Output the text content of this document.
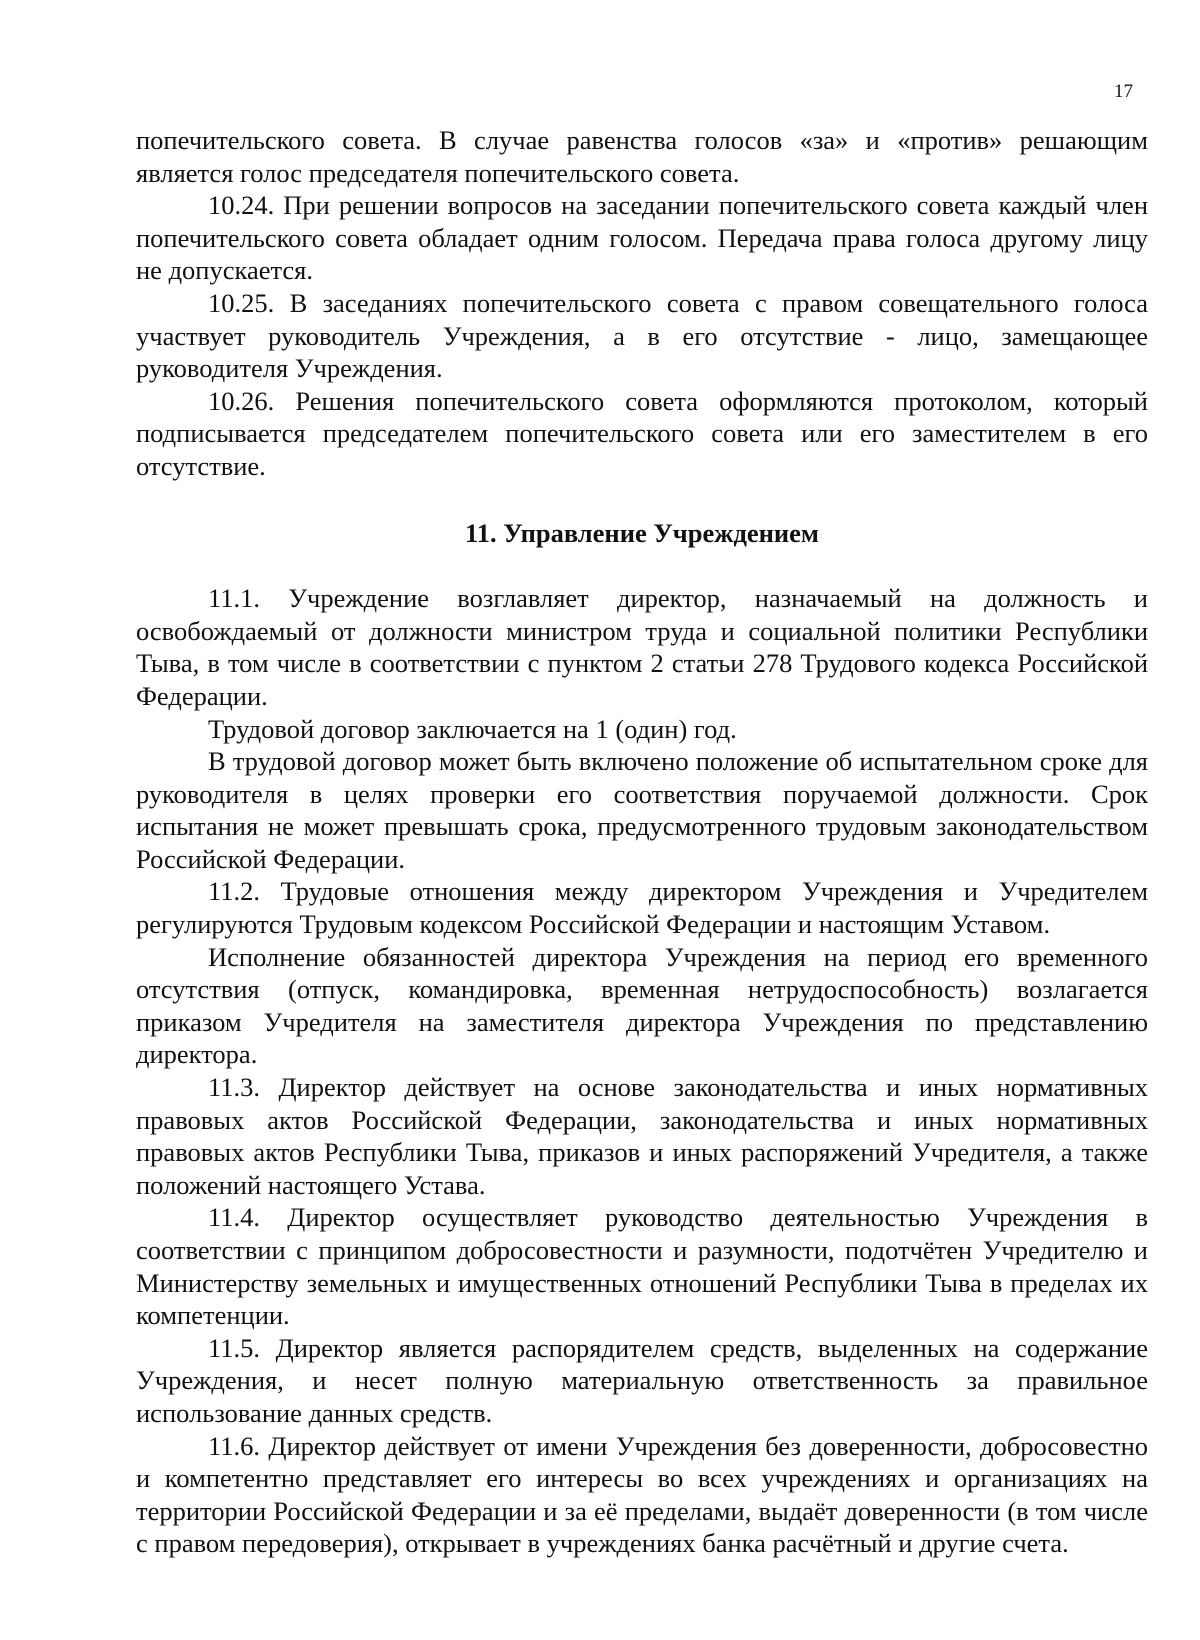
17

попечительского совета. В случае равенства голосов «за» и «против» решающим является голос председателя попечительского совета.

10.24. При решении вопросов на заседании попечительского совета каждый член попечительского совета обладает одним голосом. Передача права голоса другому лицу не допускается.

10.25. В заседаниях попечительского совета с правом совещательного голоса участвует руководитель Учреждения, а в его отсутствие - лицо, замещающее руководителя Учреждения.

10.26. Решения попечительского совета оформляются протоколом, который подписывается председателем попечительского совета или его заместителем в его отсутствие.

11. Управление Учреждением

11.1. Учреждение возглавляет директор, назначаемый на должность и освобождаемый от должности министром труда и социальной политики Республики Тыва, в том числе в соответствии с пунктом 2 статьи 278 Трудового кодекса Российской Федерации.

Трудовой договор заключается на 1 (один) год.

В трудовой договор может быть включено положение об испытательном сроке для руководителя в целях проверки его соответствия поручаемой должности. Срок испытания не может превышать срока, предусмотренного трудовым законодательством Российской Федерации.

11.2. Трудовые отношения между директором Учреждения и Учредителем регулируются Трудовым кодексом Российской Федерации и настоящим Уставом.

Исполнение обязанностей директора Учреждения на период его временного отсутствия (отпуск, командировка, временная нетрудоспособность) возлагается приказом Учредителя на заместителя директора Учреждения по представлению директора.

11.3. Директор действует на основе законодательства и иных нормативных правовых актов Российской Федерации, законодательства и иных нормативных правовых актов Республики Тыва, приказов и иных распоряжений Учредителя, а также положений настоящего Устава.

11.4. Директор осуществляет руководство деятельностью Учреждения в соответствии с принципом добросовестности и разумности, подотчётен Учредителю и Министерству земельных и имущественных отношений Республики Тыва в пределах их компетенции.

11.5. Директор является распорядителем средств, выделенных на содержание Учреждения, и несет полную материальную ответственность за правильное использование данных средств.

11.6. Директор действует от имени Учреждения без доверенности, добросовестно и компетентно представляет его интересы во всех учреждениях и организациях на территории Российской Федерации и за её пределами, выдаёт доверенности (в том числе с правом передоверия), открывает в учреждениях банка расчётный и другие счета.
